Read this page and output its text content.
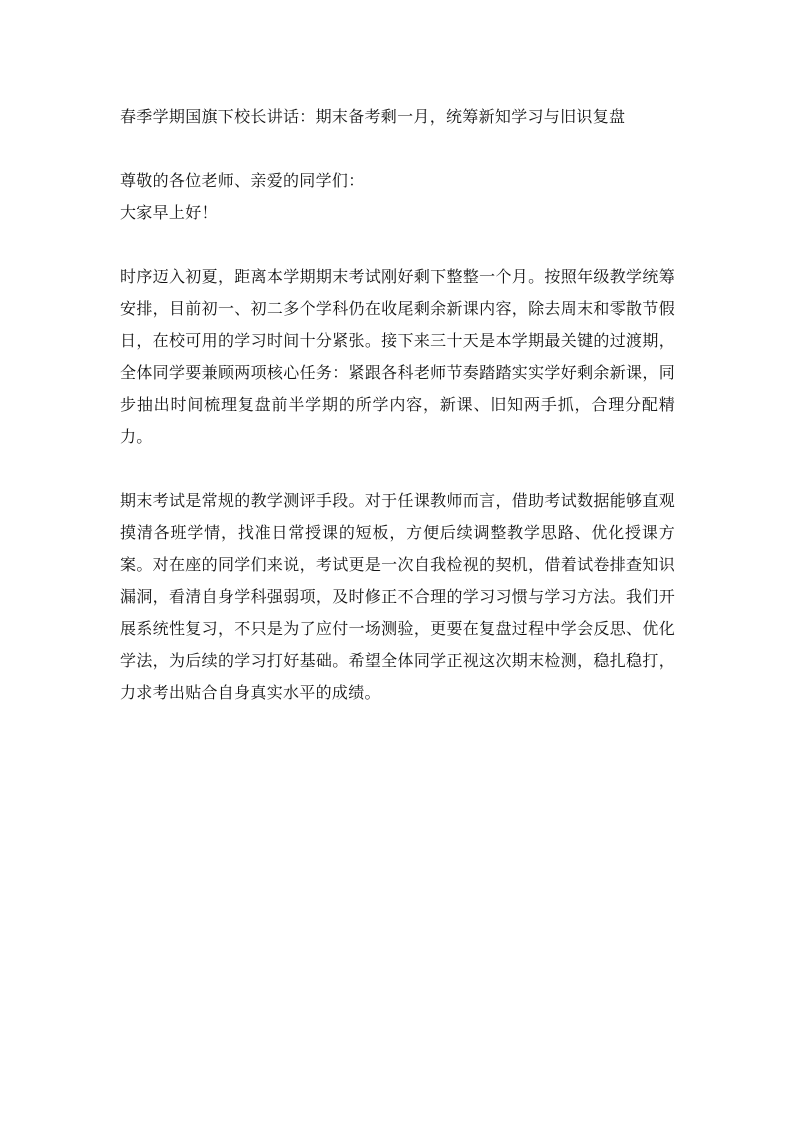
春季学期国旗下校长讲话：期末备考剩一月，统筹新知学习与旧识复盘

尊敬的各位老师、亲爱的同学们：

大家早上好！

时序迈入初夏，距离本学期期末考试刚好剩下整整一个月。按照年级教学统筹安排，目前初一、初二多个学科仍在收尾剩余新课内容，除去周末和零散节假日，在校可用的学习时间十分紧张。接下来三十天是本学期最关键的过渡期，全体同学要兼顾两项核心任务：紧跟各科老师节奏踏踏实实学好剩余新课，同步抽出时间梳理复盘前半学期的所学内容，新课、旧知两手抓，合理分配精力。

期末考试是常规的教学测评手段。对于任课教师而言，借助考试数据能够直观摸清各班学情，找准日常授课的短板，方便后续调整教学思路、优化授课方案。对在座的同学们来说，考试更是一次自我检视的契机，借着试卷排查知识漏洞，看清自身学科强弱项，及时修正不合理的学习习惯与学习方法。我们开展系统性复习，不只是为了应付一场测验，更要在复盘过程中学会反思、优化学法，为后续的学习打好基础。希望全体同学正视这次期末检测，稳扎稳打，力求考出贴合自身真实水平的成绩。
